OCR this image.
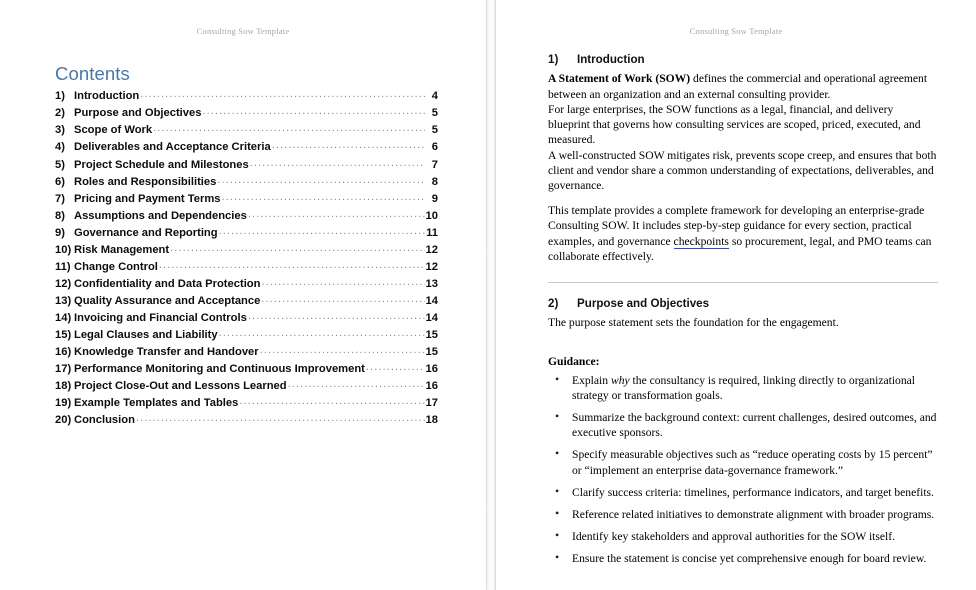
Consulting Sow Template
Contents
1) Introduction .....	4
2) Purpose and Objectives .....	5
3) Scope of Work .....	5
4) Deliverables and Acceptance Criteria .....	6
5) Project Schedule and Milestones .....	7
6) Roles and Responsibilities .....	8
7) Pricing and Payment Terms .....	9
8) Assumptions and Dependencies .....	10
9) Governance and Reporting .....	11
10) Risk Management .....	12
11) Change Control .....	12
12) Confidentiality and Data Protection .....	13
13) Quality Assurance and Acceptance .....	14
14) Invoicing and Financial Controls .....	14
15) Legal Clauses and Liability .....	15
16) Knowledge Transfer and Handover .....	15
17) Performance Monitoring and Continuous Improvement .....	16
18) Project Close-Out and Lessons Learned .....	16
19) Example Templates and Tables .....	17
20) Conclusion .....	18
Consulting Sow Template
1)	Introduction

A Statement of Work (SOW) defines the commercial and operational agreement between an organization and an external consulting provider.

For large enterprises, the SOW functions as a legal, financial, and delivery blueprint that governs how consulting services are scoped, priced, executed, and measured.

A well-constructed SOW mitigates risk, prevents scope creep, and ensures that both client and vendor share a common understanding of expectations, deliverables, and governance.

This template provides a complete framework for developing an enterprise-grade Consulting SOW. It includes step-by-step guidance for every section, practical examples, and governance checkpoints so procurement, legal, and PMO teams can collaborate effectively.

2)	Purpose and Objectives

The purpose statement sets the foundation for the engagement.

Guidance:

• Explain why the consultancy is required, linking directly to organizational strategy or transformation goals.
• Summarize the background context: current challenges, desired outcomes, and executive sponsors.
• Specify measurable objectives such as “reduce operating costs by 15 percent” or “implement an enterprise data-governance framework.”
• Clarify success criteria: timelines, performance indicators, and target benefits.
• Reference related initiatives to demonstrate alignment with broader programs.
• Identify key stakeholders and approval authorities for the SOW itself.
• Ensure the statement is concise yet comprehensive enough for board review.
